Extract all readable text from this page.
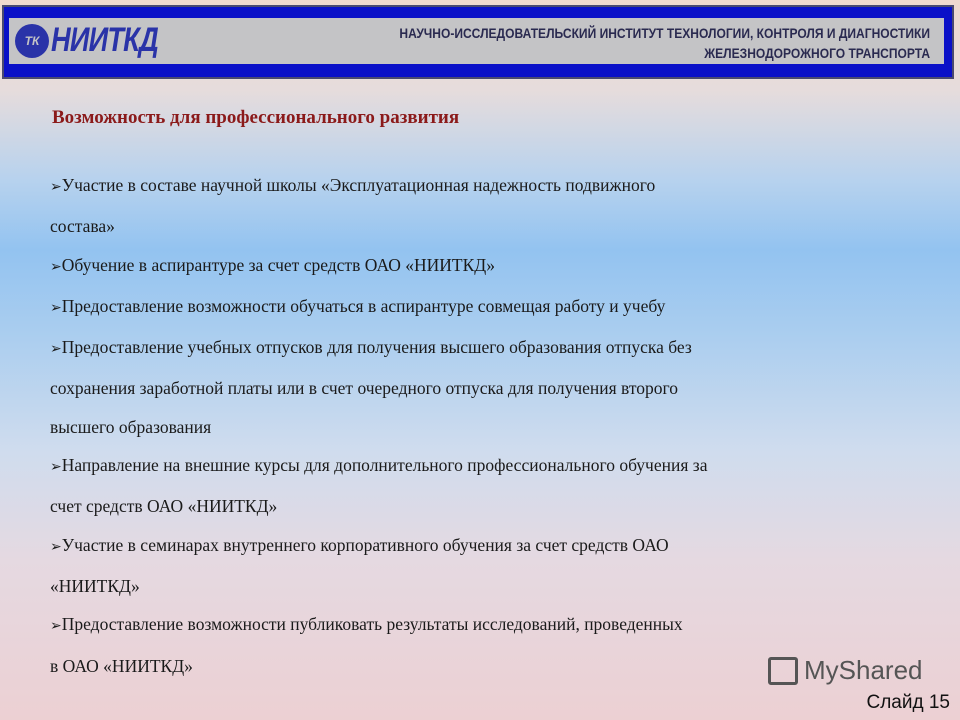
ТК НИИТКД	НАУЧНО-ИССЛЕДОВАТЕЛЬСКИЙ ИНСТИТУТ ТЕХНОЛОГИИ, КОНТРОЛЯ И ДИАГНОСТИКИ
ЖЕЛЕЗНОДОРОЖНОГО ТРАНСПОРТА
Возможность для профессионального развития

➢Участие в составе научной школы «Эксплуатационная надежность подвижного

состава»

➢Обучение в аспирантуре за счет средств ОАО «НИИТКД»

➢Предоставление возможности обучаться в аспирантуре совмещая работу и учебу

➢Предоставление учебных отпусков для получения высшего образования отпуска без

сохранения заработной платы или в счет очередного отпуска для получения второго

высшего образования

➢Направление на внешние курсы для дополнительного профессионального обучения за

счет средств ОАО «НИИТКД»

➢Участие в семинарах внутреннего корпоративного обучения за счет средств ОАО

«НИИТКД»

➢Предоставление возможности публиковать результаты исследований, проведенных

в ОАО «НИИТКД»	MyShared
Слайд 15
